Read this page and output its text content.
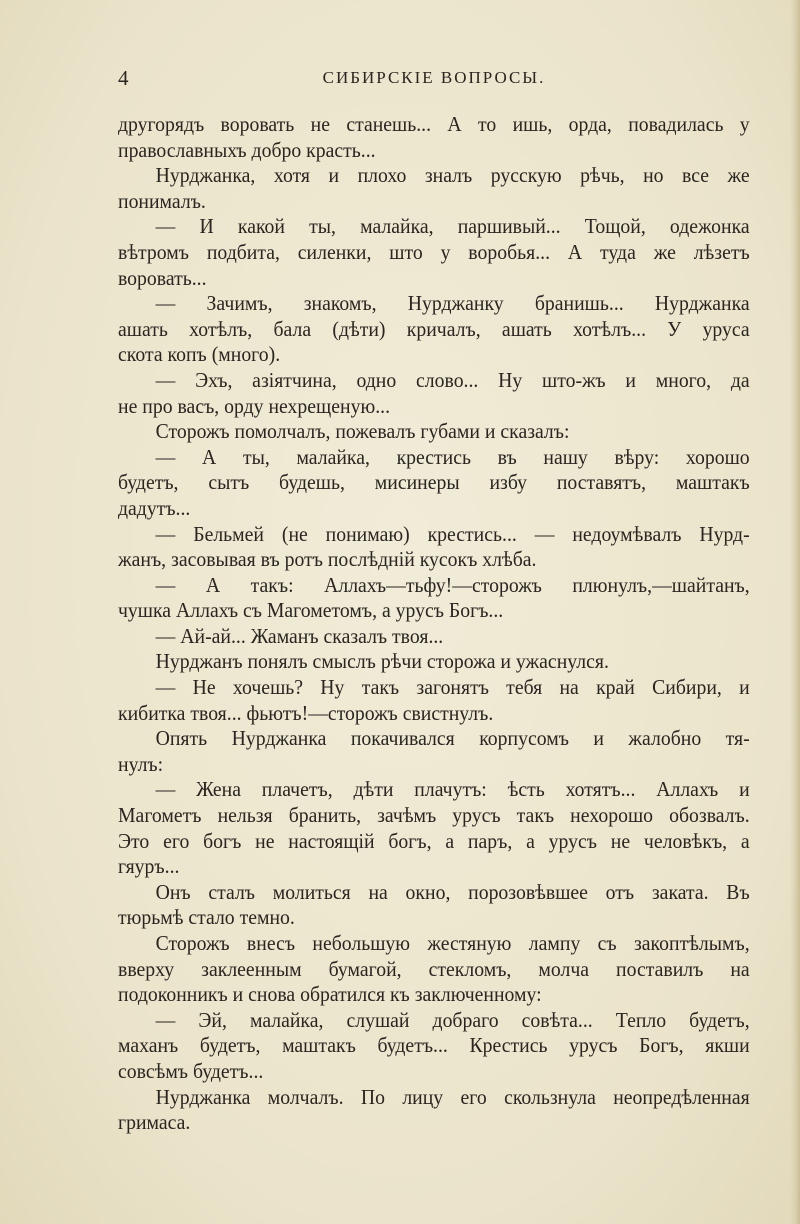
4	СИБИРСКІЕ ВОПРОСЫ.
другорядъ воровать не станешь... А то ишь, орда, повадилась у
православныхъ добро красть...
Нурджанка, хотя и плохо зналъ русскую рѣчь, но все же
понималъ.
— И какой ты, малайка, паршивый... Тощой, одежонка
вѣтромъ подбита, силенки, што у воробья... А туда же лѣзетъ
воровать...
— Зачимъ, знакомъ, Нурджанку бранишь... Нурджанка
ашать хотѣлъ, бала (дѣти) кричалъ, ашать хотѣлъ... У уруса
скота копъ (много).
— Эхъ, азіятчина, одно слово... Ну што-жъ и много, да
не про васъ, орду нехрещеную...
Сторожъ помолчалъ, пожевалъ губами и сказалъ:
— А ты, малайка, крестись въ нашу вѣру: хорошо
будетъ, сытъ будешь, мисинеры избу поставятъ, маштакъ
дадутъ...
— Бельмей (не понимаю) крестись... — недоумѣвалъ Нурд-
жанъ, засовывая въ ротъ послѣдній кусокъ хлѣба.
— А такъ: Аллахъ—тьфу!—сторожъ плюнулъ,—шайтанъ,
чушка Аллахъ съ Магометомъ, а урусъ Богъ...
— Ай-ай... Жаманъ сказалъ твоя...
Нурджанъ понялъ смыслъ рѣчи сторожа и ужаснулся.
— Не хочешь? Ну такъ загонятъ тебя на край Сибири, и
кибитка твоя... фьютъ!—сторожъ свистнулъ.
Опять Нурджанка покачивался корпусомъ и жалобно тя-
нулъ:
— Жена плачетъ, дѣти плачутъ: ѣсть хотятъ... Аллахъ и
Магометъ нельзя бранить, зачѣмъ урусъ такъ нехорошо обозвалъ.
Это его богъ не настоящій богъ, а паръ, а урусъ не человѣкъ, а
гяуръ...
Онъ сталъ молиться на окно, порозовѣвшее отъ заката. Въ
тюрьмѣ стало темно.
Сторожъ внесъ небольшую жестяную лампу съ закоптѣлымъ,
вверху заклеенным бумагой, стекломъ, молча поставилъ на
подоконникъ и снова обратился къ заключенному:
— Эй, малайка, слушай добраго совѣта... Тепло будетъ,
маханъ будетъ, маштакъ будетъ... Крестись урусъ Богъ, якши
совсѣмъ будетъ...
Нурджанка молчалъ. По лицу его скользнула неопредѣленная
гримаса.
